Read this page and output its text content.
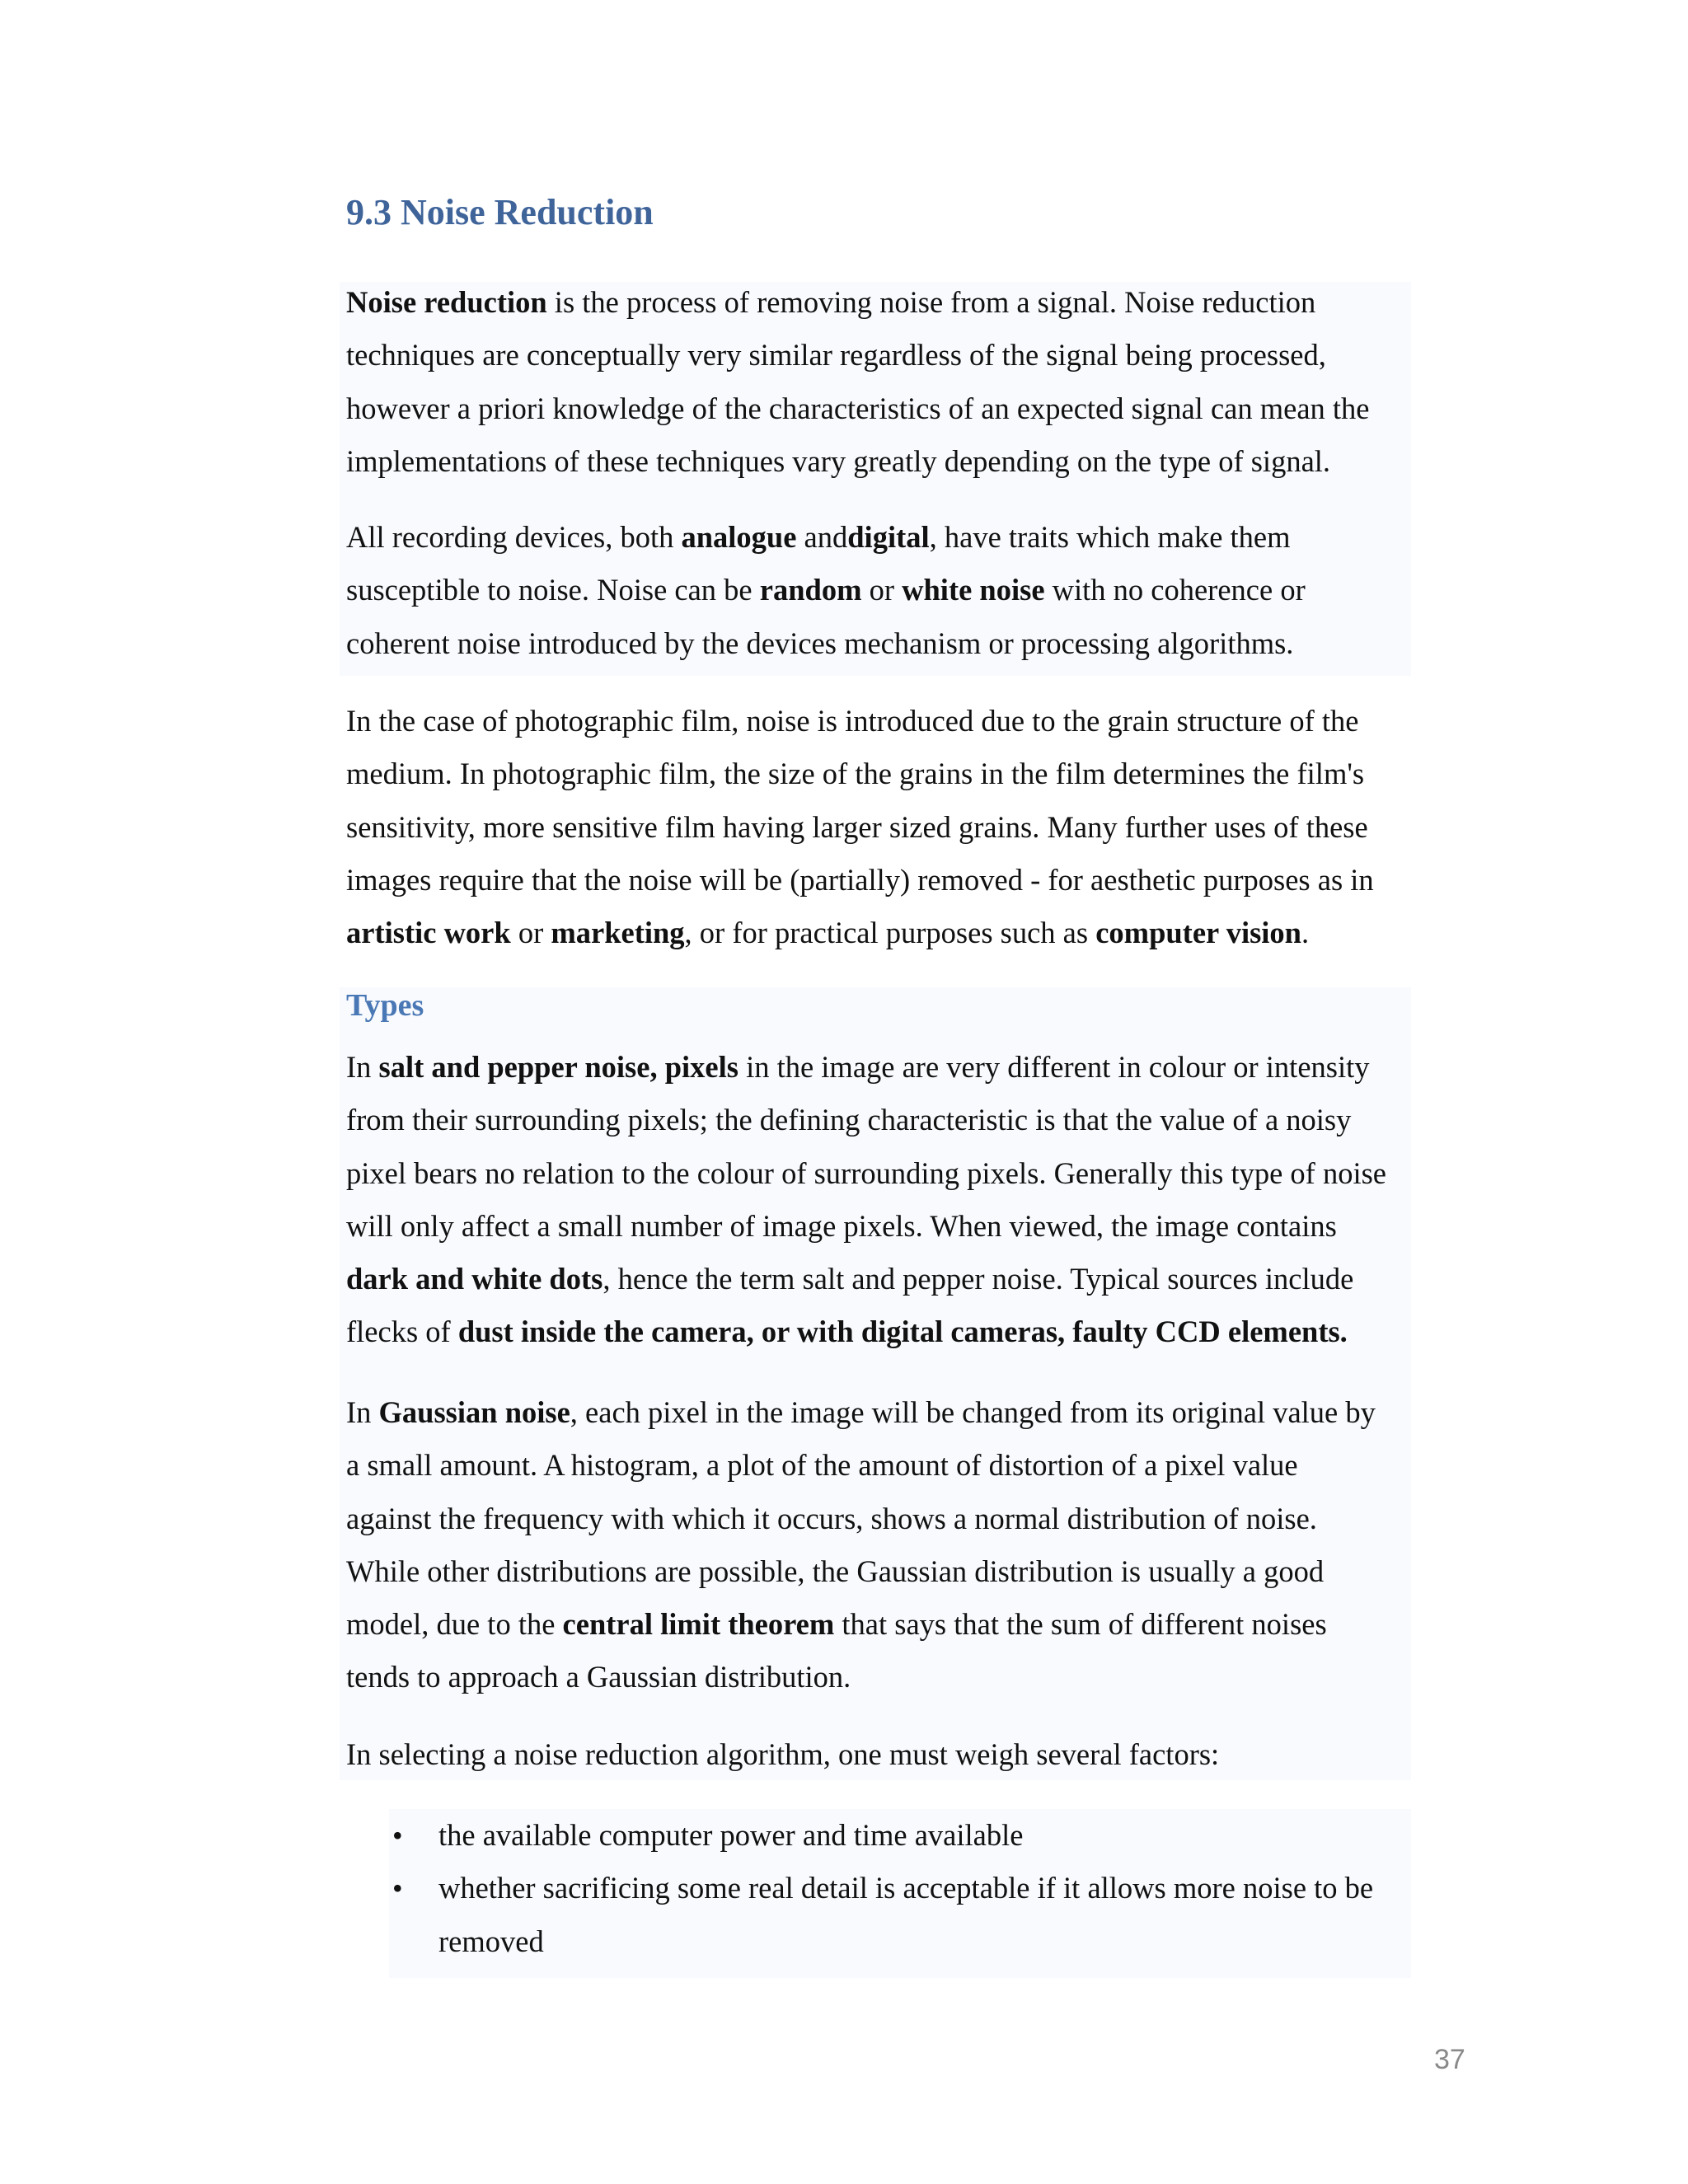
9.3 Noise Reduction

Noise reduction is the process of removing noise from a signal. Noise reduction
techniques are conceptually very similar regardless of the signal being processed,
however a priori knowledge of the characteristics of an expected signal can mean the
implementations of these techniques vary greatly depending on the type of signal.

All recording devices, both analogue anddigital, have traits which make them
susceptible to noise. Noise can be random or white noise with no coherence or
coherent noise introduced by the devices mechanism or processing algorithms.

In the case of photographic film, noise is introduced due to the grain structure of the
medium. In photographic film, the size of the grains in the film determines the film's
sensitivity, more sensitive film having larger sized grains. Many further uses of these
images require that the noise will be (partially) removed - for aesthetic purposes as in
artistic work or marketing, or for practical purposes such as computer vision.

Types

In salt and pepper noise, pixels in the image are very different in colour or intensity
from their surrounding pixels; the defining characteristic is that the value of a noisy
pixel bears no relation to the colour of surrounding pixels. Generally this type of noise
will only affect a small number of image pixels. When viewed, the image contains
dark and white dots, hence the term salt and pepper noise. Typical sources include
flecks of dust inside the camera, or with digital cameras, faulty CCD elements.

In Gaussian noise, each pixel in the image will be changed from its original value by
a small amount. A histogram, a plot of the amount of distortion of a pixel value
against the frequency with which it occurs, shows a normal distribution of noise.
While other distributions are possible, the Gaussian distribution is usually a good
model, due to the central limit theorem that says that the sum of different noises
tends to approach a Gaussian distribution.

In selecting a noise reduction algorithm, one must weigh several factors:

• the available computer power and time available
• whether sacrificing some real detail is acceptable if it allows more noise to be
removed
37
